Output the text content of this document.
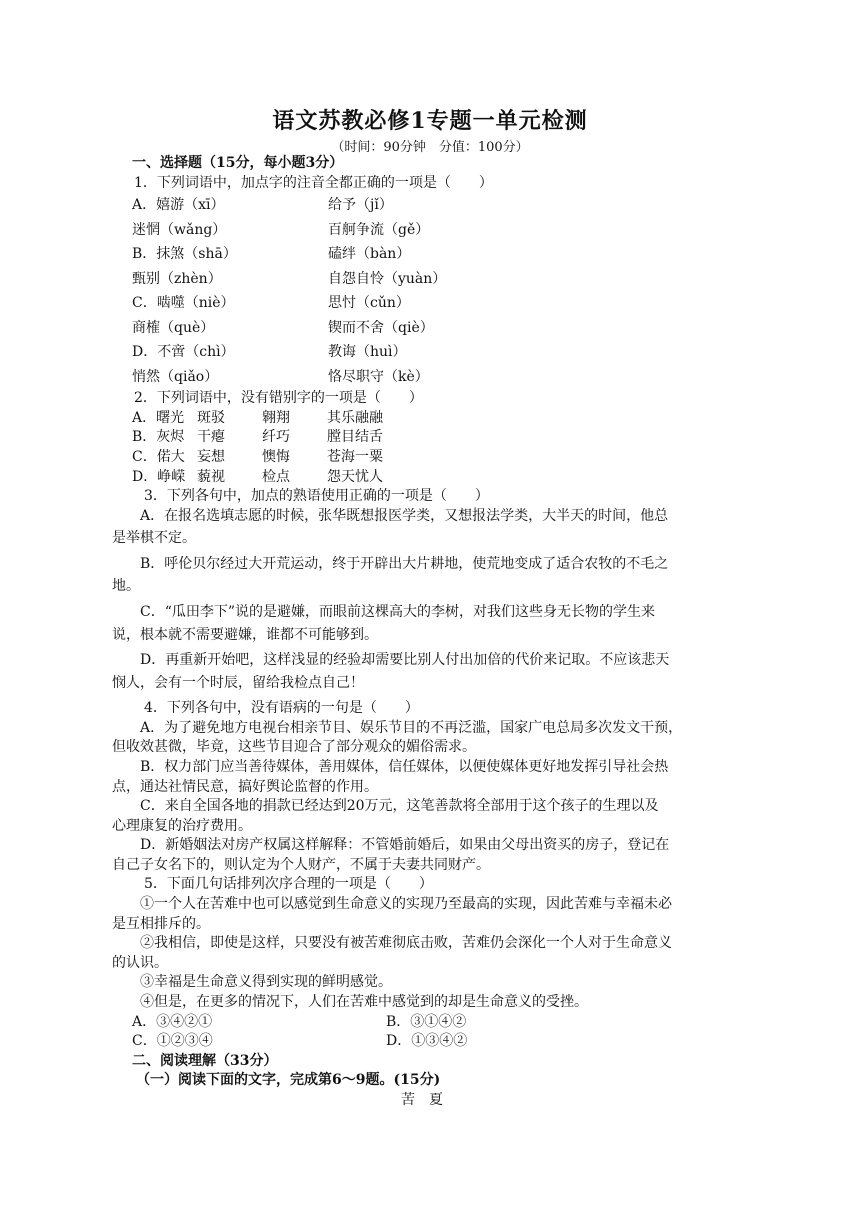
语文苏教必修1专题一单元检测
（时间：90分钟　分值：100分）
一、选择题（15分，每小题3分）
1．下列词语中，加点字的注音全都正确的一项是（　　）
A．嬉游（xī）	给予（jǐ）
迷惘（wǎng）	百舸争流（gě）
B．抹煞（shā）	磕绊（bàn）
甄别（zhèn）	自怨自怜（yuàn）
C．啮噬（niè）	思忖（cǔn）
商榷（què）	锲而不舍（qiè）
D．不啻（chì）	教诲（huì）
悄然（qiǎo）	恪尽职守（kè）
2．下列词语中，没有错别字的一项是（　　）
A．曙光 斑驳	翱翔	其乐融融
B．灰烬 干瘪	纤巧	膛目结舌
C．偌大 妄想	懊悔	苍海一粟
D．峥嵘 藐视	检点	怨天忧人
3．下列各句中，加点的熟语使用正确的一项是（　　）
A．在报名选填志愿的时候，张华既想报医学类，又想报法学类，大半天的时间，他总
是举棋不定。
B．呼伦贝尔经过大开荒运动，终于开辟出大片耕地，使荒地变成了适合农牧的不毛之
地。
C．“瓜田李下”说的是避嫌，而眼前这棵高大的李树，对我们这些身无长物的学生来
说，根本就不需要避嫌，谁都不可能够到。
D．再重新开始吧，这样浅显的经验却需要比别人付出加倍的代价来记取。不应该悲天
悯人，会有一个时辰，留给我检点自己！
4．下列各句中，没有语病的一句是（　　）
A．为了避免地方电视台相亲节目、娱乐节目的不再泛滥，国家广电总局多次发文干预，
但收效甚微，毕竟，这些节目迎合了部分观众的媚俗需求。
B．权力部门应当善待媒体，善用媒体，信任媒体，以便使媒体更好地发挥引导社会热
点，通达社情民意，搞好舆论监督的作用。
C．来自全国各地的捐款已经达到20万元，这笔善款将全部用于这个孩子的生理以及
心理康复的治疗费用。
D．新婚姻法对房产权属这样解释：不管婚前婚后，如果由父母出资买的房子，登记在
自己子女名下的，则认定为个人财产，不属于夫妻共同财产。
5．下面几句话排列次序合理的一项是（　　）
①一个人在苦难中也可以感觉到生命意义的实现乃至最高的实现，因此苦难与幸福未必
是互相排斥的。
②我相信，即使是这样，只要没有被苦难彻底击败，苦难仍会深化一个人对于生命意义
的认识。
③幸福是生命意义得到实现的鲜明感觉。
④但是，在更多的情况下，人们在苦难中感觉到的却是生命意义的受挫。
A．③④②①	B．③①④②
C．①②③④	D．①③④②
二、阅读理解（33分）
（一）阅读下面的文字，完成第6～9题。(15分)
苦　夏
